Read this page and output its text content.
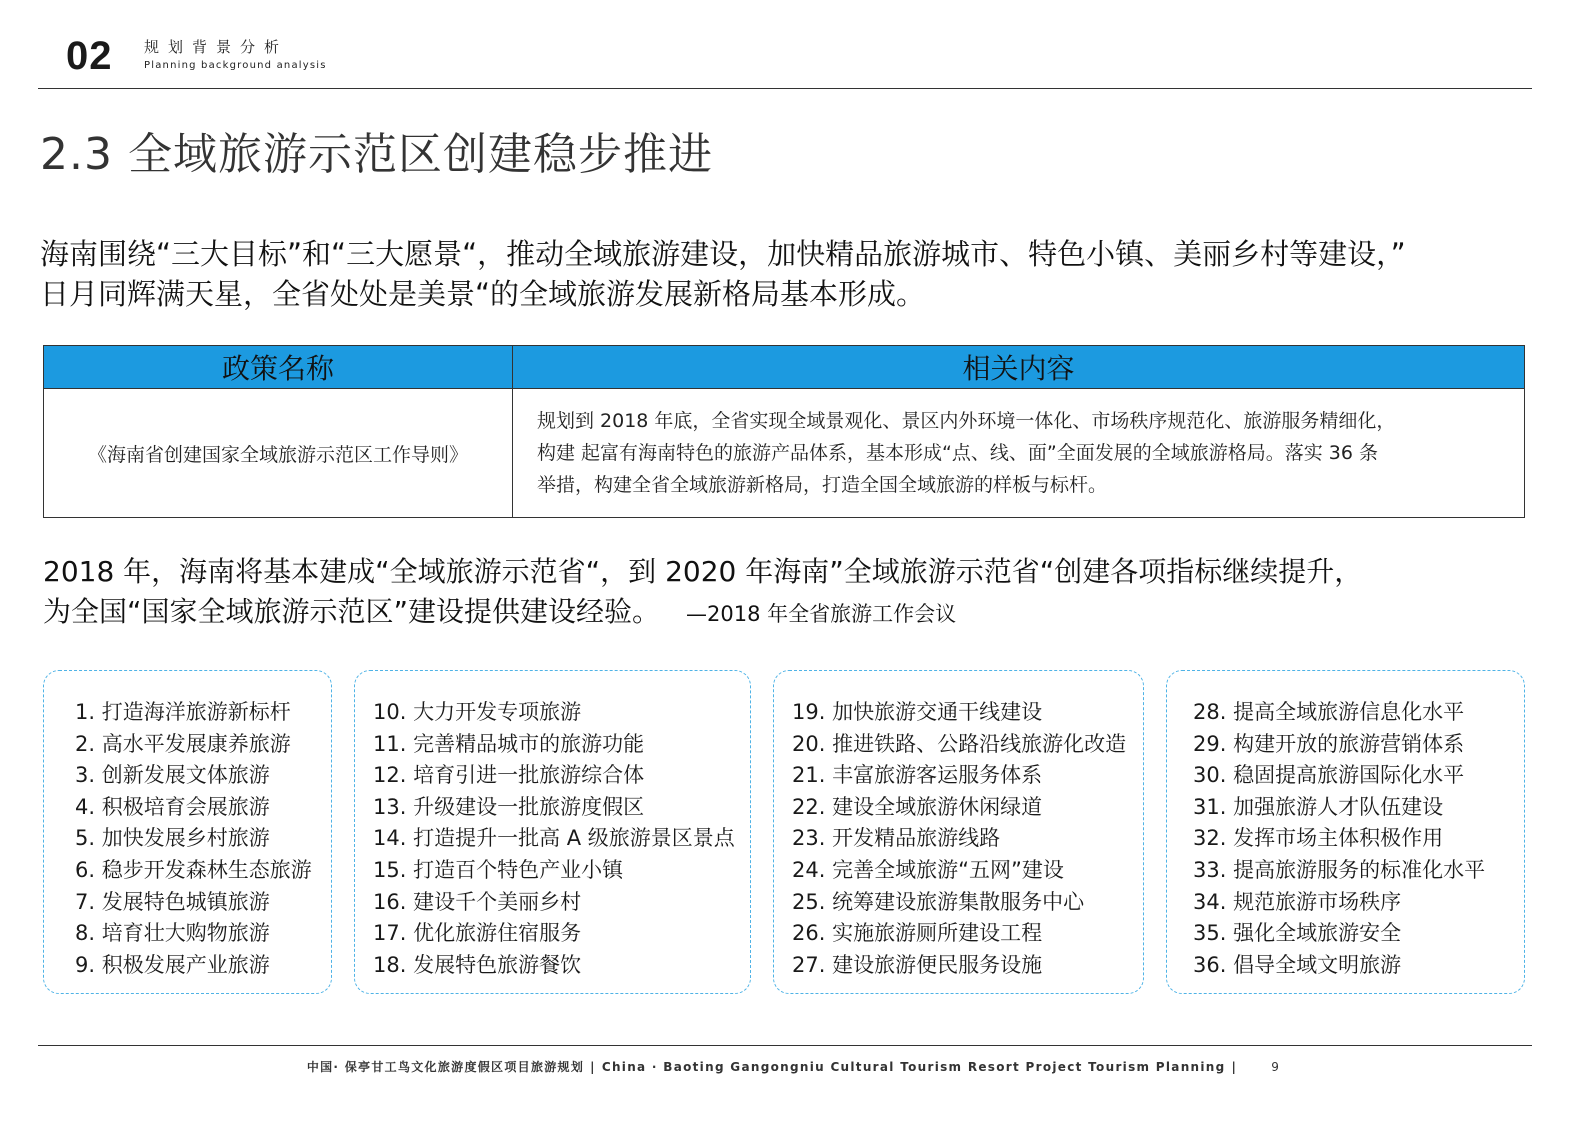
02 规划背景分析
Planning background analysis
2.3 全域旅游示范区创建稳步推进
海南围绕“三大目标”和“三大愿景“，推动全域旅游建设，加快精品旅游城市、特色小镇、美丽乡村等建设，”
日月同辉满天星，全省处处是美景“的全域旅游发展新格局基本形成。
政策名称	相关内容
《海南省创建国家全域旅游示范区工作导则》	规划到 2018 年底，全省实现全域景观化、景区内外环境一体化、市场秩序规范化、旅游服务精细化，
构建 起富有海南特色的旅游产品体系，基本形成“点、线、面”全面发展的全域旅游格局。落实 36 条
举措，构建全省全域旅游新格局，打造全国全域旅游的样板与标杆。
2018 年，海南将基本建成“全域旅游示范省“，到 2020 年海南”全域旅游示范省“创建各项指标继续提升，
为全国“国家全域旅游示范区”建设提供建设经验。 —2018 年全省旅游工作会议
1. 打造海洋旅游新标杆
2. 高水平发展康养旅游
3. 创新发展文体旅游
4. 积极培育会展旅游
5. 加快发展乡村旅游
6. 稳步开发森林生态旅游
7. 发展特色城镇旅游
8. 培育壮大购物旅游
9. 积极发展产业旅游
10. 大力开发专项旅游
11. 完善精品城市的旅游功能
12. 培育引进一批旅游综合体
13. 升级建设一批旅游度假区
14. 打造提升一批高 A 级旅游景区景点
15. 打造百个特色产业小镇
16. 建设千个美丽乡村
17. 优化旅游住宿服务
18. 发展特色旅游餐饮
19. 加快旅游交通干线建设
20. 推进铁路、公路沿线旅游化改造
21. 丰富旅游客运服务体系
22. 建设全域旅游休闲绿道
23. 开发精品旅游线路
24. 完善全域旅游“五网”建设
25. 统筹建设旅游集散服务中心
26. 实施旅游厕所建设工程
27. 建设旅游便民服务设施
28. 提高全域旅游信息化水平
29. 构建开放的旅游营销体系
30. 稳固提高旅游国际化水平
31. 加强旅游人才队伍建设
32. 发挥市场主体积极作用
33. 提高旅游服务的标准化水平
34. 规范旅游市场秩序
35. 强化全域旅游安全
36. 倡导全域文明旅游
中国· 保亭甘工鸟文化旅游度假区项目旅游规划 | China · Baoting Gangongniu Cultural Tourism Resort Project Tourism Planning |	9
